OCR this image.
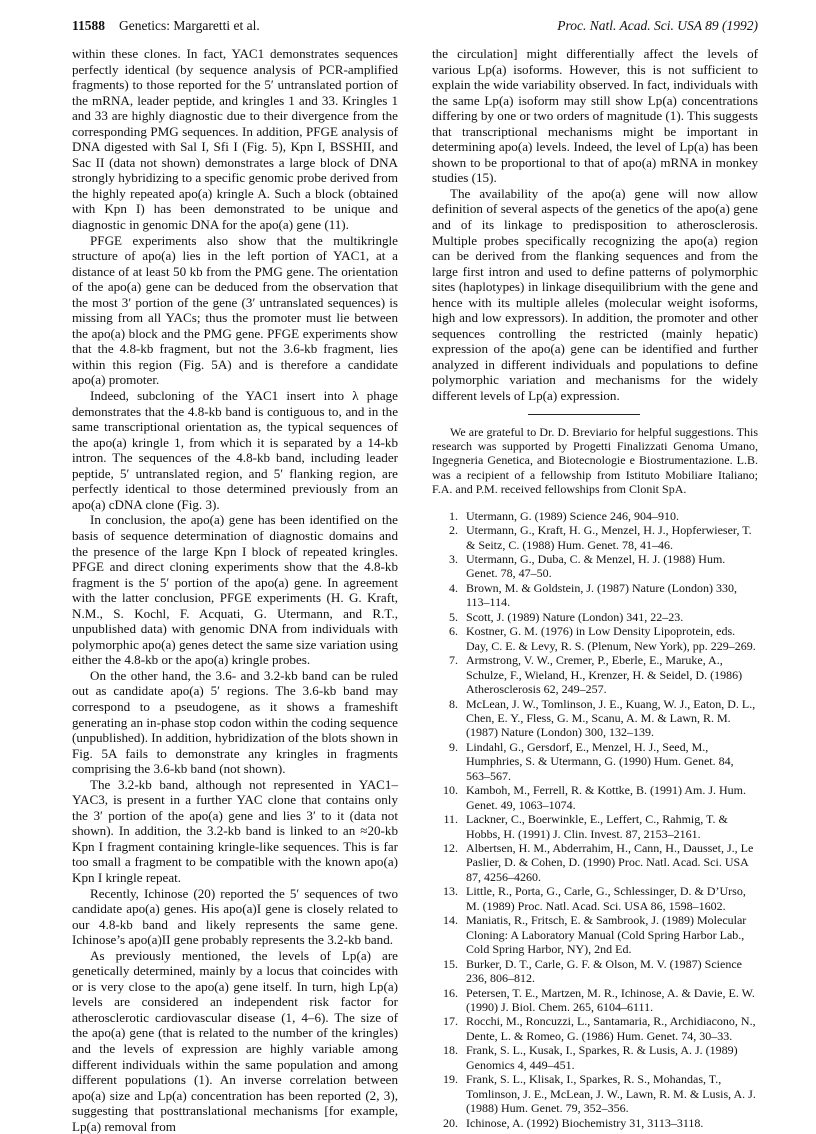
11588 Genetics: Margaretti et al.	Proc. Natl. Acad. Sci. USA 89 (1992)

within these clones. In fact, YAC1 demonstrates sequences perfectly identical (by sequence analysis of PCR-amplified fragments) to those reported for the 5′ untranslated portion of the mRNA, leader peptide, and kringles 1 and 33. Kringles 1 and 33 are highly diagnostic due to their divergence from the corresponding PMG sequences. In addition, PFGE analysis of DNA digested with Sal I, Sfi I (Fig. 5), Kpn I, BSSHII, and Sac II (data not shown) demonstrates a large block of DNA strongly hybridizing to a specific genomic probe derived from the highly repeated apo(a) kringle A. Such a block (obtained with Kpn I) has been demonstrated to be unique and diagnostic in genomic DNA for the apo(a) gene (11).

PFGE experiments also show that the multikringle structure of apo(a) lies in the left portion of YAC1, at a distance of at least 50 kb from the PMG gene. The orientation of the apo(a) gene can be deduced from the observation that the most 3′ portion of the gene (3′ untranslated sequences) is missing from all YACs; thus the promoter must lie between the apo(a) block and the PMG gene. PFGE experiments show that the 4.8-kb fragment, but not the 3.6-kb fragment, lies within this region (Fig. 5A) and is therefore a candidate apo(a) promoter.

Indeed, subcloning of the YAC1 insert into λ phage demonstrates that the 4.8-kb band is contiguous to, and in the same transcriptional orientation as, the typical sequences of the apo(a) kringle 1, from which it is separated by a 14-kb intron. The sequences of the 4.8-kb band, including leader peptide, 5′ untranslated region, and 5′ flanking region, are perfectly identical to those determined previously from an apo(a) cDNA clone (Fig. 3).

In conclusion, the apo(a) gene has been identified on the basis of sequence determination of diagnostic domains and the presence of the large Kpn I block of repeated kringles. PFGE and direct cloning experiments show that the 4.8-kb fragment is the 5′ portion of the apo(a) gene. In agreement with the latter conclusion, PFGE experiments (H. G. Kraft, N.M., S. Kochl, F. Acquati, G. Utermann, and R.T., unpublished data) with genomic DNA from individuals with polymorphic apo(a) genes detect the same size variation using either the 4.8-kb or the apo(a) kringle probes.

On the other hand, the 3.6- and 3.2-kb band can be ruled out as candidate apo(a) 5′ regions. The 3.6-kb band may correspond to a pseudogene, as it shows a frameshift generating an in-phase stop codon within the coding sequence (unpublished). In addition, hybridization of the blots shown in Fig. 5A fails to demonstrate any kringles in fragments comprising the 3.6-kb band (not shown).

The 3.2-kb band, although not represented in YAC1–YAC3, is present in a further YAC clone that contains only the 3′ portion of the apo(a) gene and lies 3′ to it (data not shown). In addition, the 3.2-kb band is linked to an ≈20-kb Kpn I fragment containing kringle-like sequences. This is far too small a fragment to be compatible with the known apo(a) Kpn I kringle repeat.

Recently, Ichinose (20) reported the 5′ sequences of two candidate apo(a) genes. His apo(a)I gene is closely related to our 4.8-kb band and likely represents the same gene. Ichinose’s apo(a)II gene probably represents the 3.2-kb band.

As previously mentioned, the levels of Lp(a) are genetically determined, mainly by a locus that coincides with or is very close to the apo(a) gene itself. In turn, high Lp(a) levels are considered an independent risk factor for atherosclerotic cardiovascular disease (1, 4–6). The size of the apo(a) gene (that is related to the number of the kringles) and the levels of expression are highly variable among different individuals within the same population and among different populations (1). An inverse correlation between apo(a) size and Lp(a) concentration has been reported (2, 3), suggesting that posttranslational mechanisms [for example, Lp(a) removal from

the circulation] might differentially affect the levels of various Lp(a) isoforms. However, this is not sufficient to explain the wide variability observed. In fact, individuals with the same Lp(a) isoform may still show Lp(a) concentrations differing by one or two orders of magnitude (1). This suggests that transcriptional mechanisms might be important in determining apo(a) levels. Indeed, the level of Lp(a) has been shown to be proportional to that of apo(a) mRNA in monkey studies (15).

The availability of the apo(a) gene will now allow definition of several aspects of the genetics of the apo(a) gene and of its linkage to predisposition to atherosclerosis. Multiple probes specifically recognizing the apo(a) region can be derived from the flanking sequences and from the large first intron and used to define patterns of polymorphic sites (haplotypes) in linkage disequilibrium with the gene and hence with its multiple alleles (molecular weight isoforms, high and low expressors). In addition, the promoter and other sequences controlling the restricted (mainly hepatic) expression of the apo(a) gene can be identified and further analyzed in different individuals and populations to define polymorphic variation and mechanisms for the widely different levels of Lp(a) expression.

We are grateful to Dr. D. Breviario for helpful suggestions. This research was supported by Progetti Finalizzati Genoma Umano, Ingegneria Genetica, and Biotecnologie e Biostrumentazione. L.B. was a recipient of a fellowship from Istituto Mobiliare Italiano; F.A. and P.M. received fellowships from Clonit SpA.

1 . Utermann, G. (1989) Science 246, 904–910.
2 . Utermann, G., Kraft, H. G., Menzel, H. J., Hopferwieser, T. & Seitz, C. (1988) Hum. Genet. 78, 41–46.
3 . Utermann, G., Duba, C. & Menzel, H. J. (1988) Hum. Genet. 78, 47–50.
4 . Brown, M. & Goldstein, J. (1987) Nature (London) 330, 113–114.
5 . Scott, J. (1989) Nature (London) 341, 22–23.
6 . Kostner, G. M. (1976) in Low Density Lipoprotein, eds. Day, C. E. & Levy, R. S. (Plenum, New York), pp. 229–269.
7 . Armstrong, V. W., Cremer, P., Eberle, E., Maruke, A., Schulze, F., Wieland, H., Krenzer, H. & Seidel, D. (1986) Atherosclerosis 62, 249–257.
8 . McLean, J. W., Tomlinson, J. E., Kuang, W. J., Eaton, D. L., Chen, E. Y., Fless, G. M., Scanu, A. M. & Lawn, R. M. (1987) Nature (London) 300, 132–139.
9 . Lindahl, G., Gersdorf, E., Menzel, H. J., Seed, M., Humphries, S. & Utermann, G. (1990) Hum. Genet. 84, 563–567.
10 . Kamboh, M., Ferrell, R. & Kottke, B. (1991) Am. J. Hum. Genet. 49, 1063–1074.
11 . Lackner, C., Boerwinkle, E., Leffert, C., Rahmig, T. & Hobbs, H. (1991) J. Clin. Invest. 87, 2153–2161.
12 . Albertsen, H. M., Abderrahim, H., Cann, H., Dausset, J., Le Paslier, D. & Cohen, D. (1990) Proc. Natl. Acad. Sci. USA 87, 4256–4260.
13 . Little, R., Porta, G., Carle, G., Schlessinger, D. & D’Urso, M. (1989) Proc. Natl. Acad. Sci. USA 86, 1598–1602.
14 . Maniatis, R., Fritsch, E. & Sambrook, J. (1989) Molecular Cloning: A Laboratory Manual (Cold Spring Harbor Lab., Cold Spring Harbor, NY), 2nd Ed.
15 . Burker, D. T., Carle, G. F. & Olson, M. V. (1987) Science 236, 806–812.
16 . Petersen, T. E., Martzen, M. R., Ichinose, A. & Davie, E. W. (1990) J. Biol. Chem. 265, 6104–6111.
17 . Rocchi, M., Roncuzzi, L., Santamaria, R., Archidiacono, N., Dente, L. & Romeo, G. (1986) Hum. Genet. 74, 30–33.
18 . Frank, S. L., Kusak, I., Sparkes, R. & Lusis, A. J. (1989) Genomics 4, 449–451.
19 . Frank, S. L., Klisak, I., Sparkes, R. S., Mohandas, T., Tomlinson, J. E., McLean, J. W., Lawn, R. M. & Lusis, A. J. (1988) Hum. Genet. 79, 352–356.
20 . Ichinose, A. (1992) Biochemistry 31, 3113–3118.
